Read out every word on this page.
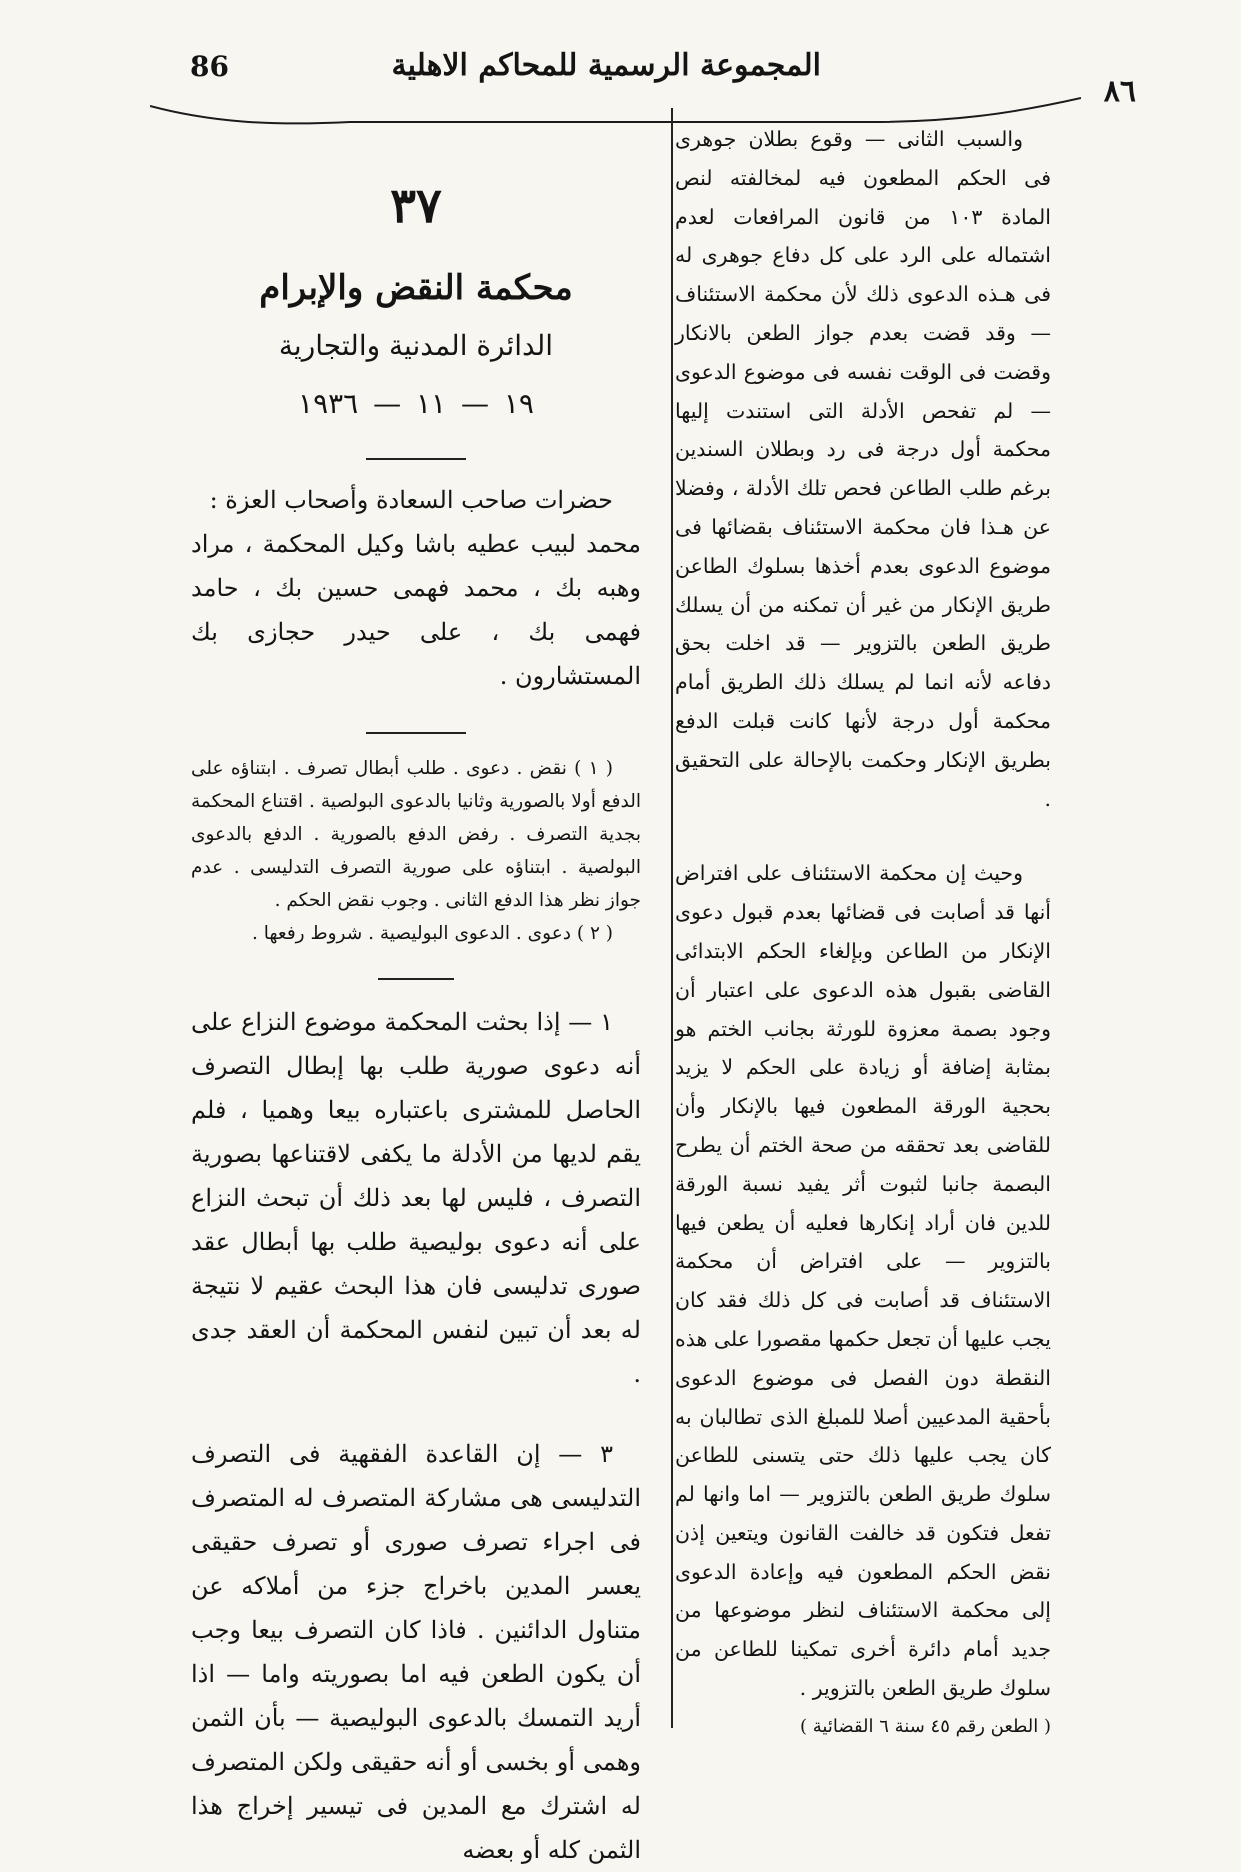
٨٦
المجموعة الرسمية للمحاكم الاهلية
86

والسبب الثانى — وقوع بطلان جوهرى فى الحكم المطعون فيه لمخالفته لنص المادة ١٠٣ من قانون المرافعات لعدم اشتماله على الرد على كل دفاع جوهرى له فى هـذه الدعوى ذلك لأن محكمة الاستئناف — وقد قضت بعدم جواز الطعن بالانكار وقضت فى الوقت نفسه فى موضوع الدعوى — لم تفحص الأدلة التى استندت إليها محكمة أول درجة فى رد وبطلان السندين برغم طلب الطاعن فحص تلك الأدلة ، وفضلا عن هـذا فان محكمة الاستئناف بقضائها فى موضوع الدعوى بعدم أخذها بسلوك الطاعن طريق الإنكار من غير أن تمكنه من أن يسلك طريق الطعن بالتزوير — قد اخلت بحق دفاعه لأنه انما لم يسلك ذلك الطريق أمام محكمة أول درجة لأنها كانت قبلت الدفع بطريق الإنكار وحكمت بالإحالة على التحقيق .

وحيث إن محكمة الاستئناف على افتراض أنها قد أصابت فى قضائها بعدم قبول دعوى الإنكار من الطاعن وبإلغاء الحكم الابتدائى القاضى بقبول هذه الدعوى على اعتبار أن وجود بصمة معزوة للورثة بجانب الختم هو بمثابة إضافة أو زيادة على الحكم لا يزيد بحجية الورقة المطعون فيها بالإنكار وأن للقاضى بعد تحققه من صحة الختم أن يطرح البصمة جانبا لثبوت أثر يفيد نسبة الورقة للدين فان أراد إنكارها فعليه أن يطعن فيها بالتزوير — على افتراض أن محكمة الاستئناف قد أصابت فى كل ذلك فقد كان يجب عليها أن تجعل حكمها مقصورا على هذه النقطة دون الفصل فى موضوع الدعوى بأحقية المدعيين أصلا للمبلغ الذى تطالبان به كان يجب عليها ذلك حتى يتسنى للطاعن سلوك طريق الطعن بالتزوير — اما وانها لم تفعل فتكون قد خالفت القانون ويتعين إذن نقض الحكم المطعون فيه وإعادة الدعوى إلى محكمة الاستئناف لنظر موضوعها من جديد أمام دائرة أخرى تمكينا للطاعن من سلوك طريق الطعن بالتزوير .

( الطعن رقم ٤٥ سنة ٦ القضائية )

٣٧
محكمة النقض والإبرام
الدائرة المدنية والتجارية
١٩ — ١١ — ١٩٣٦

حضرات صاحب السعادة وأصحاب العزة :

محمد لبيب عطيه باشا وكيل المحكمة ، مراد وهبه بك ، محمد فهمى حسين بك ، حامد فهمى بك ، على حيدر حجازى بك المستشارون .

( ١ ) نقض . دعوى . طلب أبطال تصرف . ابتناؤه على الدفع أولا بالصورية وثانيا بالدعوى البولصية . اقتناع المحكمة بجدية التصرف . رفض الدفع بالصورية . الدفع بالدعوى البولصية . ابتناؤه على صورية التصرف التدليسى . عدم جواز نظر هذا الدفع الثانى . وجوب نقض الحكم .

( ٢ ) دعوى . الدعوى البوليصية . شروط رفعها .

١ — إذا بحثت المحكمة موضوع النزاع على أنه دعوى صورية طلب بها إبطال التصرف الحاصل للمشترى باعتباره بيعا وهميا ، فلم يقم لديها من الأدلة ما يكفى لاقتناعها بصورية التصرف ، فليس لها بعد ذلك أن تبحث النزاع على أنه دعوى بوليصية طلب بها أبطال عقد صورى تدليسى فان هذا البحث عقيم لا نتيجة له بعد أن تبين لنفس المحكمة أن العقد جدى .

٣ — إن القاعدة الفقهية فى التصرف التدليسى هى مشاركة المتصرف له المتصرف فى اجراء تصرف صورى أو تصرف حقيقى يعسر المدين باخراج جزء من أملاكه عن متناول الدائنين . فاذا كان التصرف بيعا وجب أن يكون الطعن فيه اما بصوريته واما — اذا أريد التمسك بالدعوى البوليصية — بأن الثمن وهمى أو بخسى أو أنه حقيقى ولكن المتصرف له اشترك مع المدين فى تيسير إخراج هذا الثمن كله أو بعضه
